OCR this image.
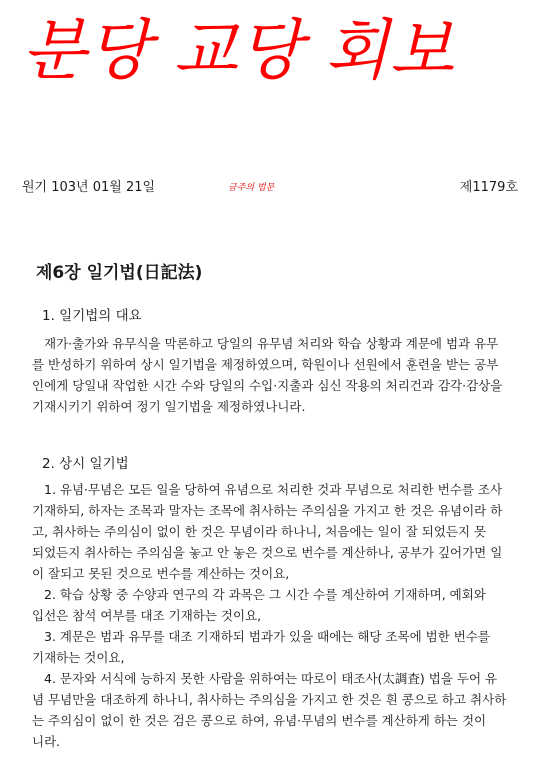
분당 교당 회보
원기 103년 01월 21일	금주의 법문	제1179호
제6장 일기법(日記法)
1. 일기법의 대요
재가·출가와 유무식을 막론하고 당일의 유무념 처리와 학습 상황과 계문에 범과 유무
를 반성하기 위하여 상시 일기법을 제정하였으며, 학원이나 선원에서 훈련을 받는 공부
인에게 당일내 작업한 시간 수와 당일의 수입·지출과 심신 작용의 처리건과 감각·감상을
기재시키기 위하여 정기 일기법을 제정하였나니라.
2. 상시 일기법
1. 유념·무념은 모든 일을 당하여 유념으로 처리한 것과 무념으로 처리한 번수를 조사
기재하되, 하자는 조목과 말자는 조목에 취사하는 주의심을 가지고 한 것은 유념이라 하
고, 취사하는 주의심이 없이 한 것은 무념이라 하나니, 처음에는 일이 잘 되었든지 못
되었든지 취사하는 주의심을 놓고 안 놓은 것으로 번수를 계산하나, 공부가 깊어가면 일
이 잘되고 못된 것으로 번수를 계산하는 것이요,
2. 학습 상황 중 수양과 연구의 각 과목은 그 시간 수를 계산하여 기재하며, 예회와
입선은 참석 여부를 대조 기재하는 것이요,
3. 계문은 범과 유무를 대조 기재하되 범과가 있을 때에는 해당 조목에 범한 번수를
기재하는 것이요,
4. 문자와 서식에 능하지 못한 사람을 위하여는 따로이 태조사(太調査) 법을 두어 유
념 무념만을 대조하게 하나니, 취사하는 주의심을 가지고 한 것은 흰 콩으로 하고 취사하
는 주의심이 없이 한 것은 검은 콩으로 하여, 유념·무념의 번수를 계산하게 하는 것이
니라.
